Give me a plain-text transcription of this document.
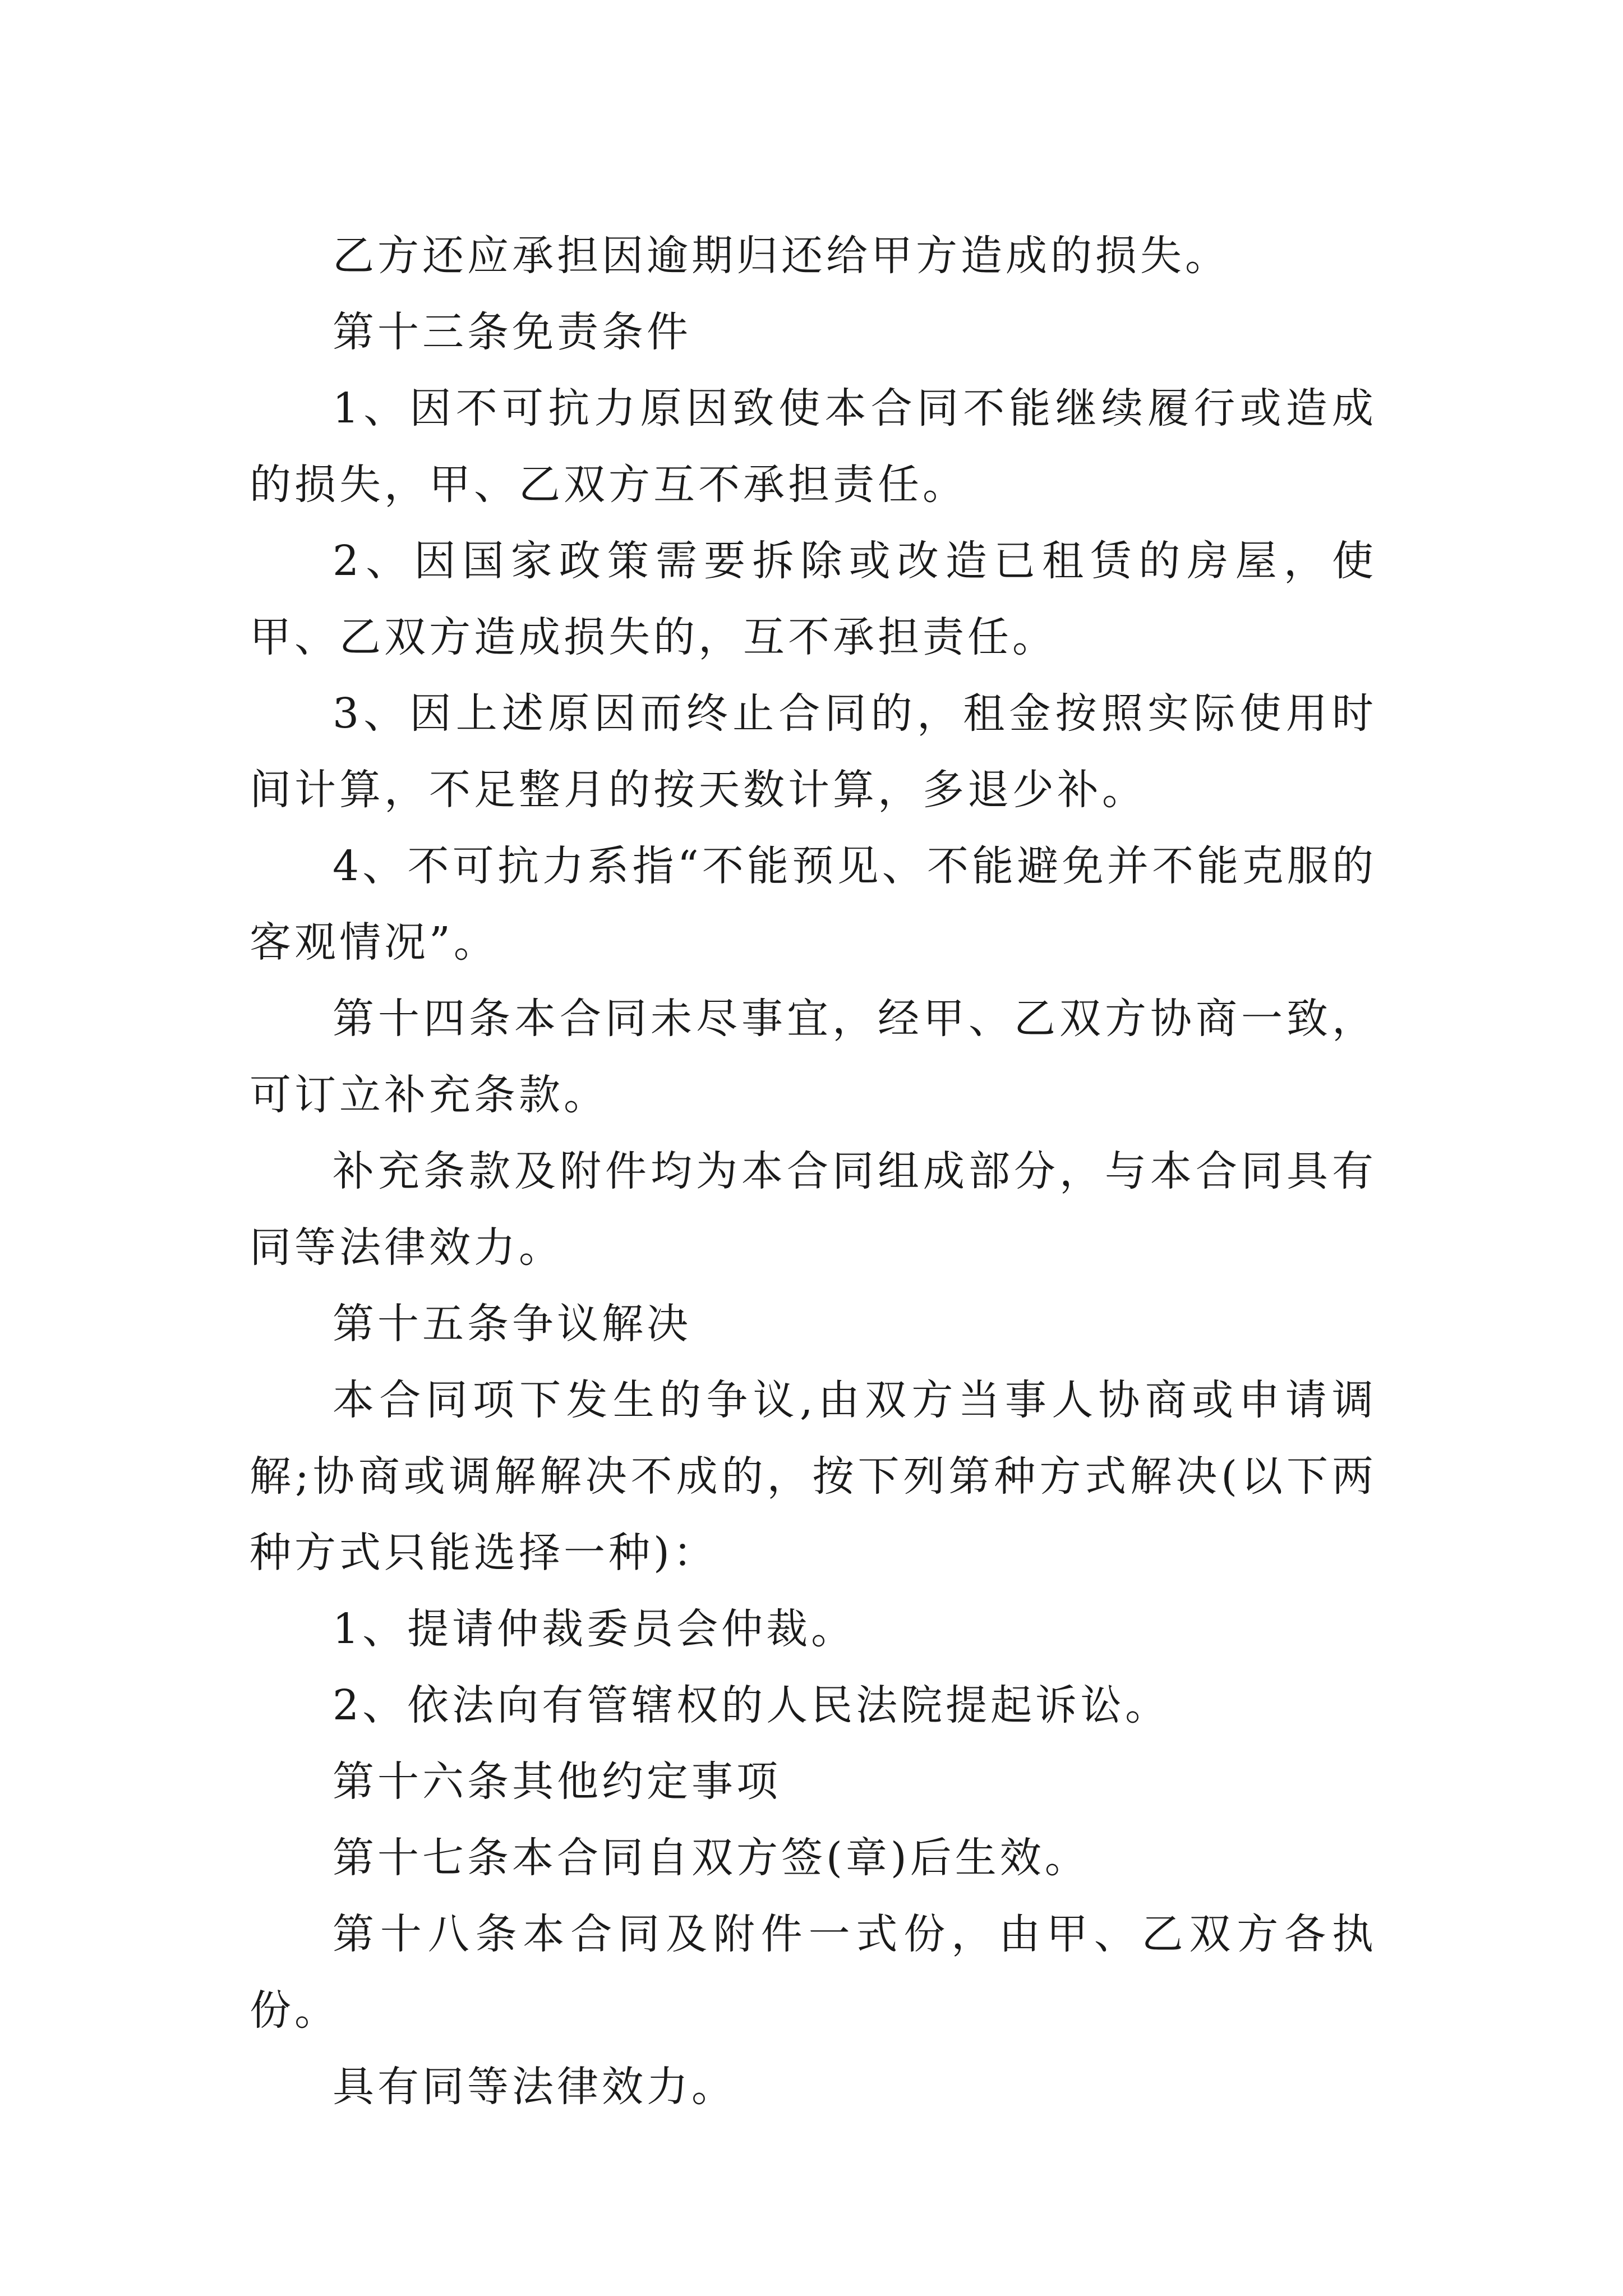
乙方还应承担因逾期归还给甲方造成的损失。

第十三条免责条件

1、因不可抗力原因致使本合同不能继续履行或造成的损失，甲、乙双方互不承担责任。

2、因国家政策需要拆除或改造已租赁的房屋，使甲、乙双方造成损失的，互不承担责任。

3、因上述原因而终止合同的，租金按照实际使用时间计算，不足整月的按天数计算，多退少补。

4、不可抗力系指“不能预见、不能避免并不能克服的客观情况”。

第十四条本合同未尽事宜，经甲、乙双方协商一致，可订立补充条款。

补充条款及附件均为本合同组成部分，与本合同具有同等法律效力。

第十五条争议解决

本合同项下发生的争议,由双方当事人协商或申请调解;协商或调解解决不成的，按下列第种方式解决(以下两种方式只能选择一种)：

1、提请仲裁委员会仲裁。

2、依法向有管辖权的人民法院提起诉讼。

第十六条其他约定事项

第十七条本合同自双方签(章)后生效。

第十八条本合同及附件一式份，由甲、乙双方各执份。

具有同等法律效力。
